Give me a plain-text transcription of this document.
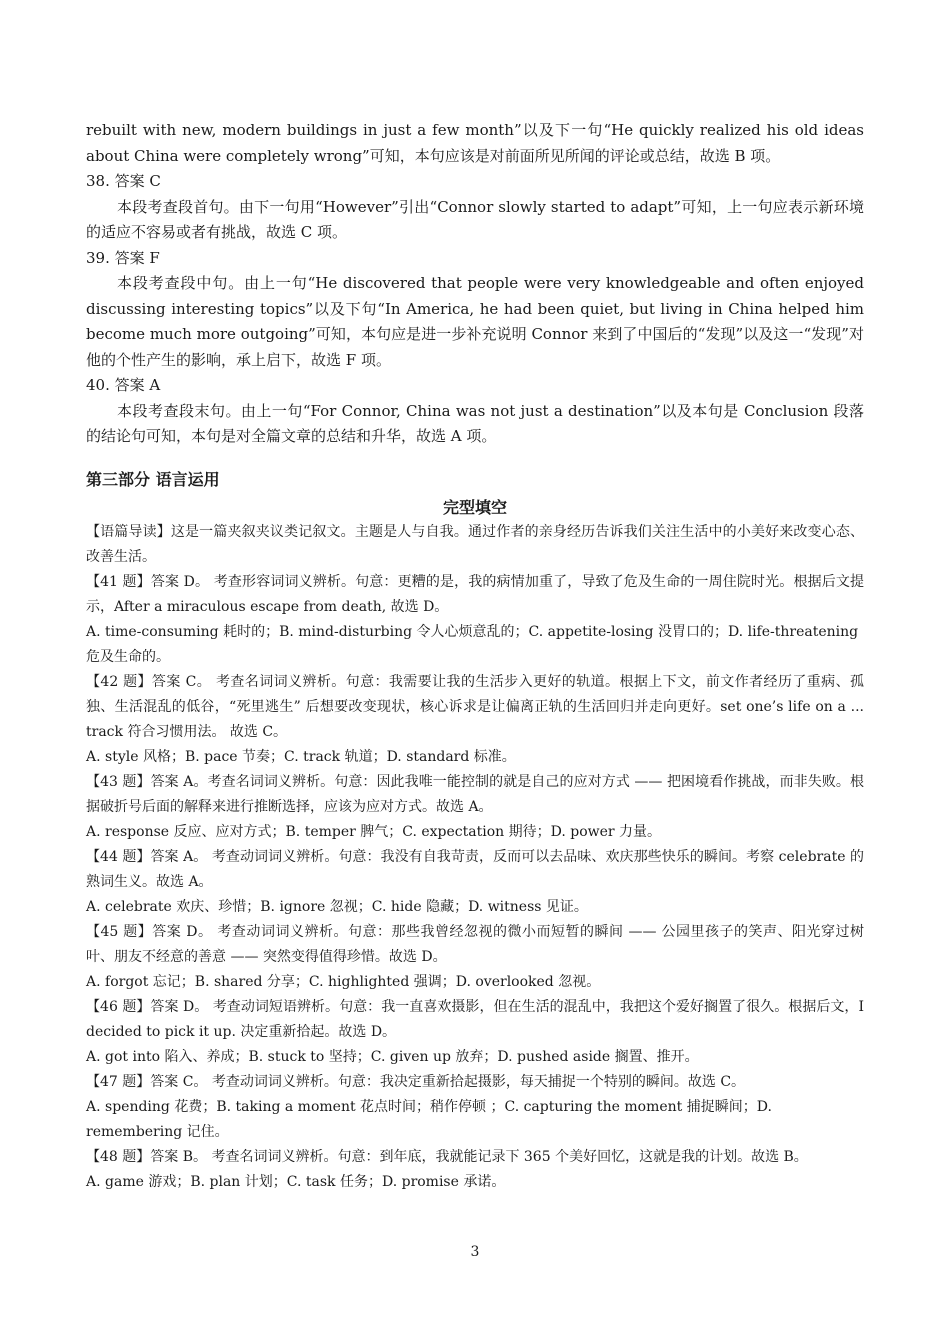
rebuilt with new, modern buildings in just a few month”以及下一句“He quickly realized his old ideas about China were completely wrong”可知，本句应该是对前面所见所闻的评论或总结，故选 B 项。

38. 答案 C

本段考查段首句。由下一句用“However”引出“Connor slowly started to adapt”可知，上一句应表示新环境的适应不容易或者有挑战，故选 C 项。

39. 答案 F

本段考查段中句。由上一句“He discovered that people were very knowledgeable and often enjoyed discussing interesting topics”以及下句“In America, he had been quiet, but living in China helped him become much more outgoing”可知，本句应是进一步补充说明 Connor 来到了中国后的“发现”以及这一“发现”对他的个性产生的影响，承上启下，故选 F 项。

40. 答案 A

本段考查段末句。由上一句“For Connor, China was not just a destination”以及本句是 Conclusion 段落的结论句可知，本句是对全篇文章的总结和升华，故选 A 项。

第三部分 语言运用

完型填空

【语篇导读】这是一篇夹叙夹议类记叙文。主题是人与自我。通过作者的亲身经历告诉我们关注生活中的小美好来改变心态、改善生活。

【41 题】答案 D。 考查形容词词义辨析。句意：更糟的是，我的病情加重了，导致了危及生命的一周住院时光。根据后文提示，After a miraculous escape from death, 故选 D。

A. time-consuming 耗时的；B. mind-disturbing 令人心烦意乱的；C. appetite-losing 没胃口的；D. life-threatening 危及生命的。

【42 题】答案 C。 考查名词词义辨析。句意：我需要让我的生活步入更好的轨道。根据上下文，前文作者经历了重病、孤独、生活混乱的低谷，“死里逃生” 后想要改变现状，核心诉求是让偏离正轨的生活回归并走向更好。set one’s life on a ... track 符合习惯用法。 故选 C。

A. style 风格；B. pace 节奏；C. track 轨道；D. standard 标准。

【43 题】答案 A。考查名词词义辨析。句意：因此我唯一能控制的就是自己的应对方式 —— 把困境看作挑战，而非失败。根据破折号后面的解释来进行推断选择，应该为应对方式。故选 A。

A. response 反应、应对方式；B. temper 脾气；C. expectation 期待；D. power 力量。

【44 题】答案 A。 考查动词词义辨析。句意：我没有自我苛责，反而可以去品味、欢庆那些快乐的瞬间。考察 celebrate 的熟词生义。故选 A。

A. celebrate 欢庆、珍惜；B. ignore 忽视；C. hide 隐藏；D. witness 见证。

【45 题】答案 D。 考查动词词义辨析。句意：那些我曾经忽视的微小而短暂的瞬间 —— 公园里孩子的笑声、阳光穿过树叶、朋友不经意的善意 —— 突然变得值得珍惜。故选 D。

A. forgot 忘记；B. shared 分享；C. highlighted 强调；D. overlooked 忽视。

【46 题】答案 D。 考查动词短语辨析。句意：我一直喜欢摄影，但在生活的混乱中，我把这个爱好搁置了很久。根据后文，I decided to pick it up. 决定重新拾起。故选 D。

A. got into 陷入、养成；B. stuck to 坚持；C. given up 放弃；D. pushed aside 搁置、推开。

【47 题】答案 C。 考查动词词义辨析。句意：我决定重新拾起摄影，每天捕捉一个特别的瞬间。故选 C。

A. spending 花费；B. taking a moment 花点时间；稍作停顿 ；C. capturing the moment 捕捉瞬间；D. remembering 记住。

【48 题】答案 B。 考查名词词义辨析。句意：到年底，我就能记录下 365 个美好回忆，这就是我的计划。故选 B。

A. game 游戏；B. plan 计划；C. task 任务；D. promise 承诺。

3
